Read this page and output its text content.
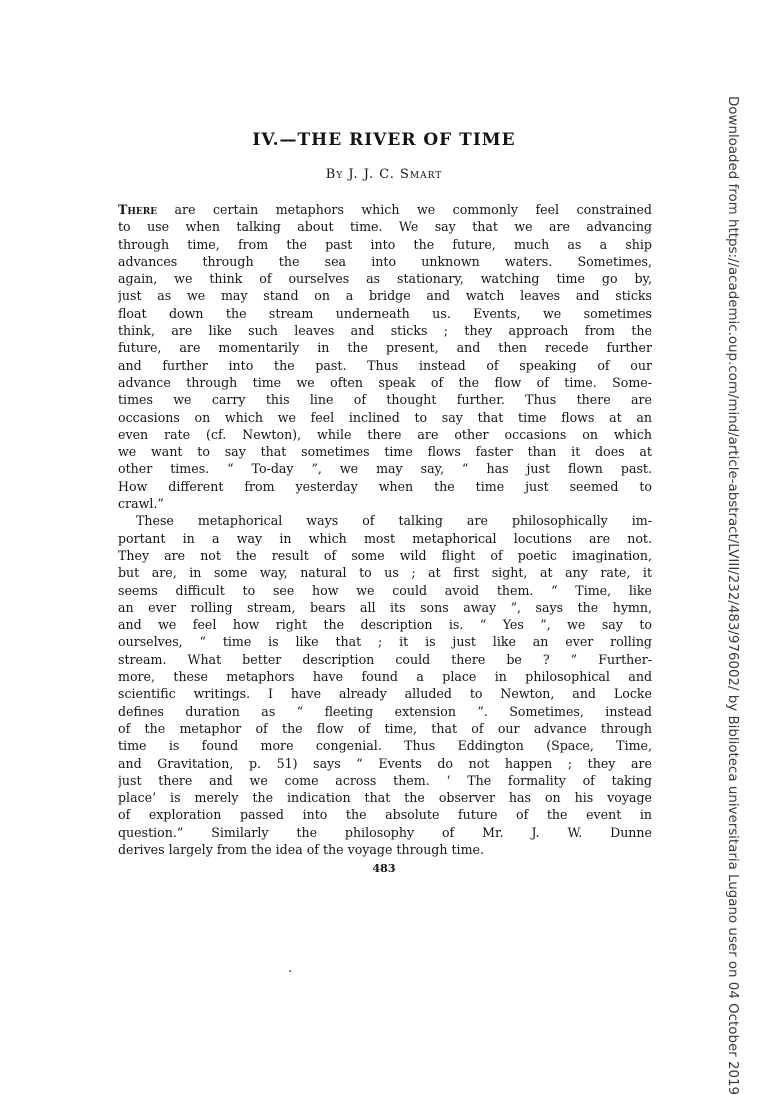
Downloaded from https://academic.oup.com/mind/article-abstract/LVIII/232/483/976002/ by Biblioteca universitaria Lugano user on 04 October 2019
IV.—THE RIVER OF TIME
By J. J. C. Smart
There are certain metaphors which we commonly feel constrained
to use when talking about time. We say that we are advancing
through time, from the past into the future, much as a ship
advances through the sea into unknown waters. Sometimes,
again, we think of ourselves as stationary, watching time go by,
just as we may stand on a bridge and watch leaves and sticks
float down the stream underneath us. Events, we sometimes
think, are like such leaves and sticks ; they approach from the
future, are momentarily in the present, and then recede further
and further into the past. Thus instead of speaking of our
advance through time we often speak of the flow of time. Some-
times we carry this line of thought further. Thus there are
occasions on which we feel inclined to say that time flows at an
even rate (cf. Newton), while there are other occasions on which
we want to say that sometimes time flows faster than it does at
other times. “ To-day ”, we may say, “ has just flown past.
How different from yesterday when the time just seemed to
crawl.”
These metaphorical ways of talking are philosophically im-
portant in a way in which most metaphorical locutions are not.
They are not the result of some wild flight of poetic imagination,
but are, in some way, natural to us ; at first sight, at any rate, it
seems difficult to see how we could avoid them. “ Time, like
an ever rolling stream, bears all its sons away ”, says the hymn,
and we feel how right the description is. “ Yes ”, we say to
ourselves, “ time is like that ; it is just like an ever rolling
stream. What better description could there be ? ” Further-
more, these metaphors have found a place in philosophical and
scientific writings. I have already alluded to Newton, and Locke
defines duration as “ fleeting extension ”. Sometimes, instead
of the metaphor of the flow of time, that of our advance through
time is found more congenial. Thus Eddington (Space, Time,
and Gravitation, p. 51) says “ Events do not happen ; they are
just there and we come across them. ‘ The formality of taking
place’ is merely the indication that the observer has on his voyage
of exploration passed into the absolute future of the event in
question.” Similarly the philosophy of Mr. J. W. Dunne
derives largely from the idea of the voyage through time.
483
